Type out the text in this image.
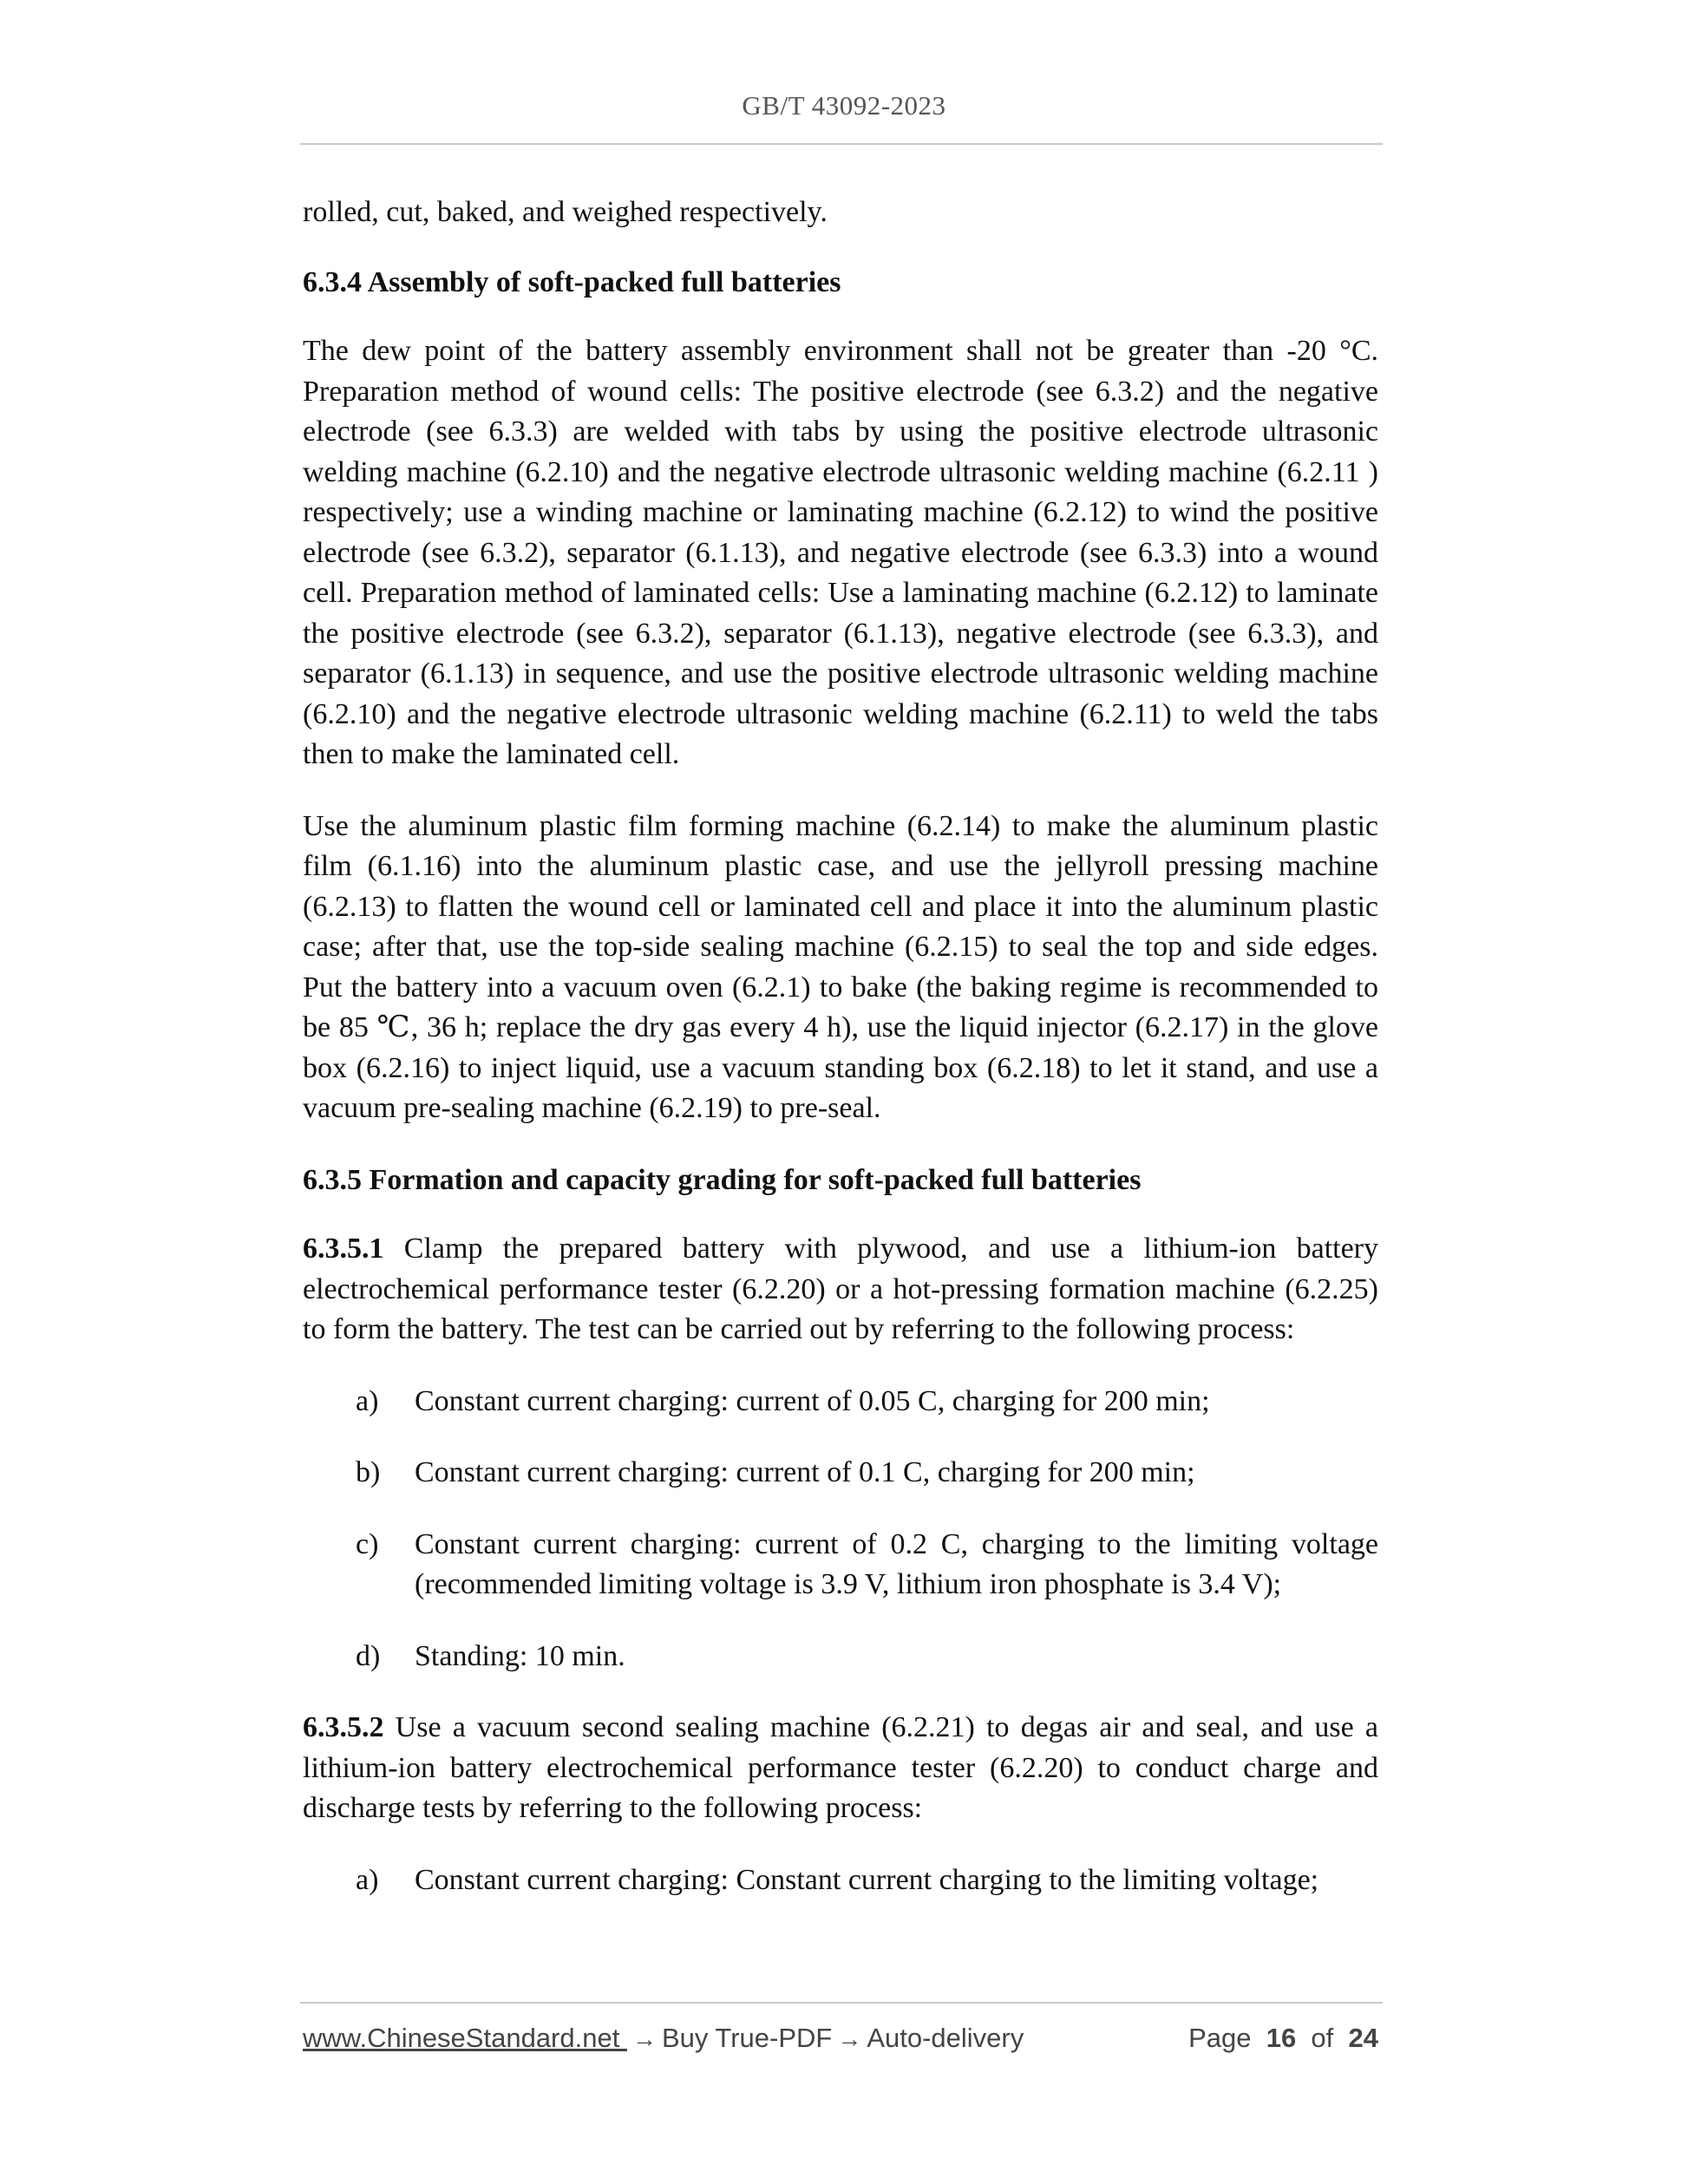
GB/T 43092-2023

rolled, cut, baked, and weighed respectively.

6.3.4 Assembly of soft-packed full batteries

The dew point of the battery assembly environment shall not be greater than -20 °C. Preparation method of wound cells: The positive electrode (see 6.3.2) and the negative electrode (see 6.3.3) are welded with tabs by using the positive electrode ultrasonic welding machine (6.2.10) and the negative electrode ultrasonic welding machine (6.2.11 ) respectively; use a winding machine or laminating machine (6.2.12) to wind the positive electrode (see 6.3.2), separator (6.1.13), and negative electrode (see 6.3.3) into a wound cell. Preparation method of laminated cells: Use a laminating machine (6.2.12) to laminate the positive electrode (see 6.3.2), separator (6.1.13), negative electrode (see 6.3.3), and separator (6.1.13) in sequence, and use the positive electrode ultrasonic welding machine (6.2.10) and the negative electrode ultrasonic welding machine (6.2.11) to weld the tabs then to make the laminated cell.

Use the aluminum plastic film forming machine (6.2.14) to make the aluminum plastic film (6.1.16) into the aluminum plastic case, and use the jellyroll pressing machine (6.2.13) to flatten the wound cell or laminated cell and place it into the aluminum plastic case; after that, use the top-side sealing machine (6.2.15) to seal the top and side edges. Put the battery into a vacuum oven (6.2.1) to bake (the baking regime is recommended to be 85 ℃, 36 h; replace the dry gas every 4 h), use the liquid injector (6.2.17) in the glove box (6.2.16) to inject liquid, use a vacuum standing box (6.2.18) to let it stand, and use a vacuum pre-sealing machine (6.2.19) to pre-seal.

6.3.5 Formation and capacity grading for soft-packed full batteries

6.3.5.1 Clamp the prepared battery with plywood, and use a lithium-ion battery electrochemical performance tester (6.2.20) or a hot-pressing formation machine (6.2.25) to form the battery. The test can be carried out by referring to the following process:

a)	Constant current charging: current of 0.05 C, charging for 200 min;
b)	Constant current charging: current of 0.1 C, charging for 200 min;
c)	Constant current charging: current of 0.2 C, charging to the limiting voltage (recommended limiting voltage is 3.9 V, lithium iron phosphate is 3.4 V);
d)	Standing: 10 min.

6.3.5.2 Use a vacuum second sealing machine (6.2.21) to degas air and seal, and use a lithium-ion battery electrochemical performance tester (6.2.20) to conduct charge and discharge tests by referring to the following process:

a)	Constant current charging: Constant current charging to the limiting voltage;
www.ChineseStandard.net → Buy True-PDF → Auto-delivery	Page 16 of 24
